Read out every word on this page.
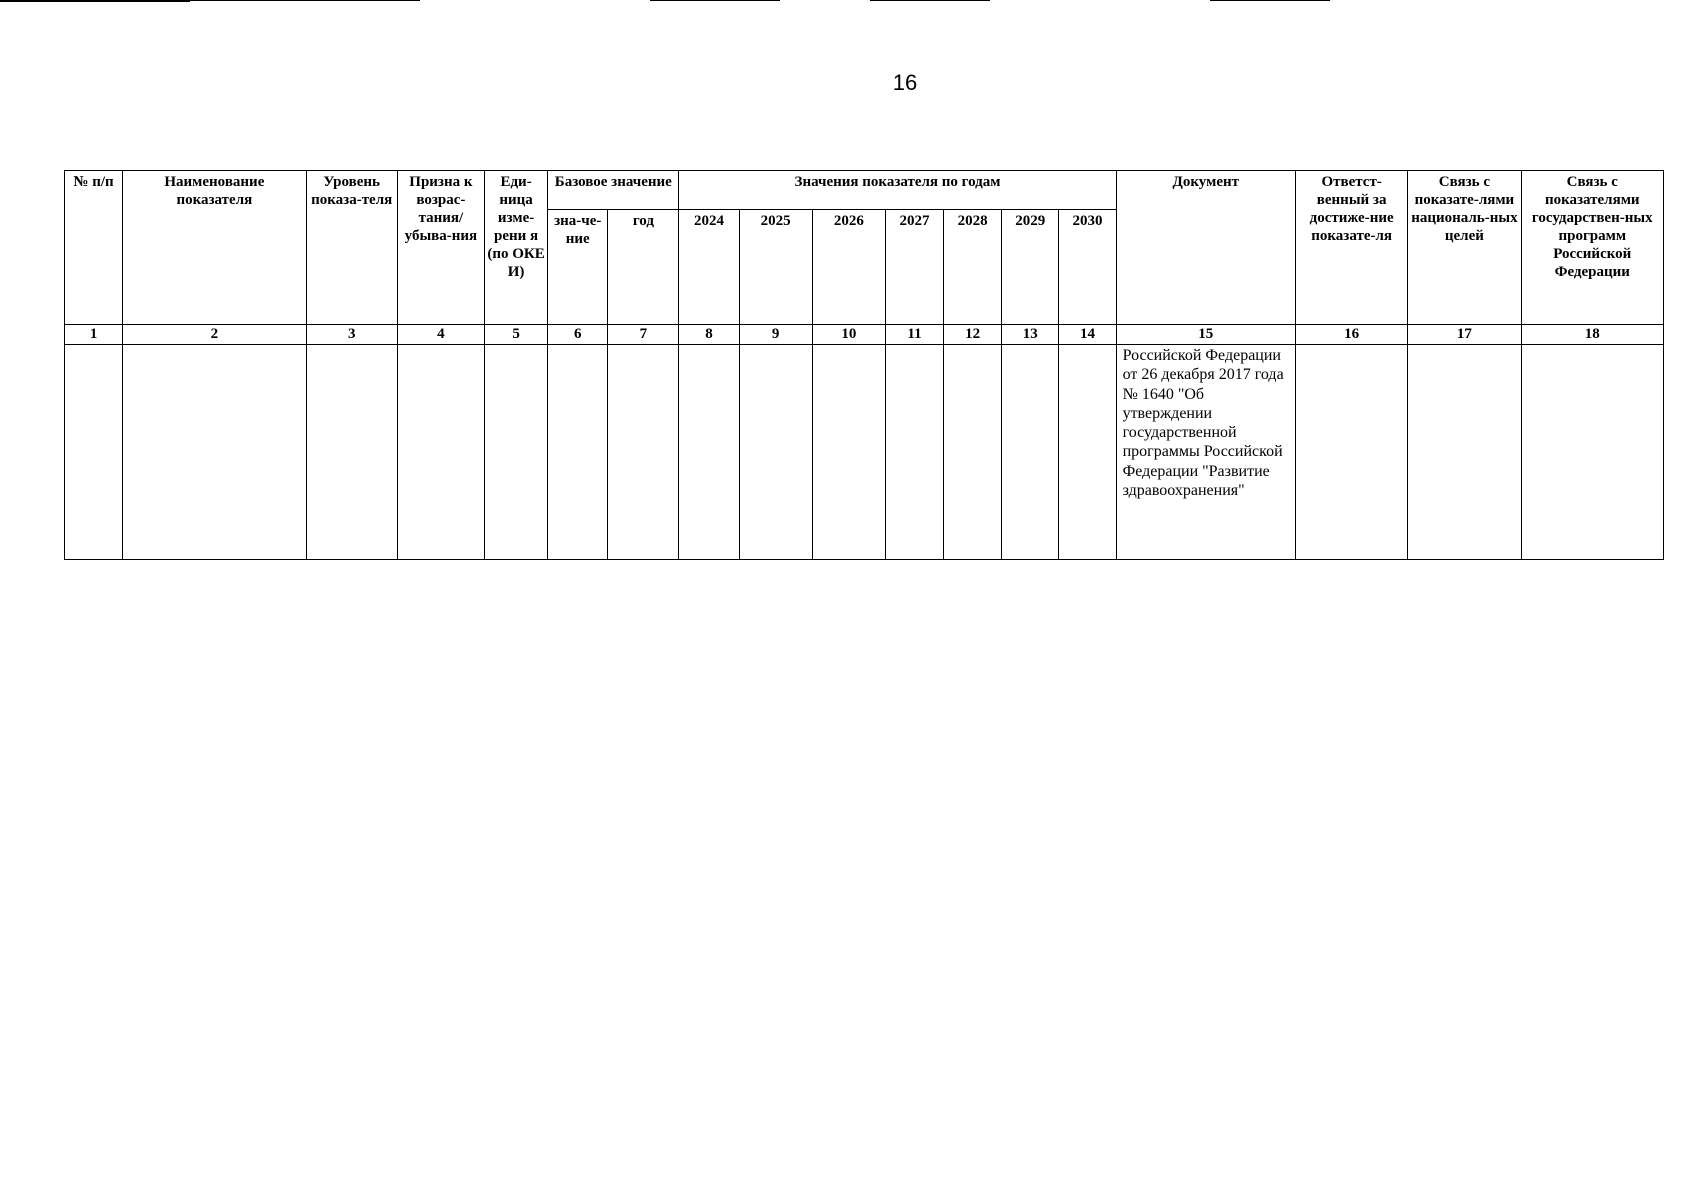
16
№ п/п	Наименование показателя	Уровень показа-теля	Призна к возрас-тания/ убыва-ния	Еди-ница изме-рени я (по ОКЕ И)	Базовое значение		Значения показателя по годам							Документ	Ответст-венный за достиже-ние показате-ля	Связь с показате-лями националь-ных целей	Связь с показателями государствен-ных программ Российской Федерации
					зна-че-ние	год	2024	2025	2026	2027	2028	2029	2030				
1	2	3	4	5	6	7	8	9	10	11	12	13	14	15	16	17	18
														Российской Федерации от 26 декабря 2017 года № 1640 "Об утверждении государственной программы Российской Федерации "Развитие здравоохранения"			
